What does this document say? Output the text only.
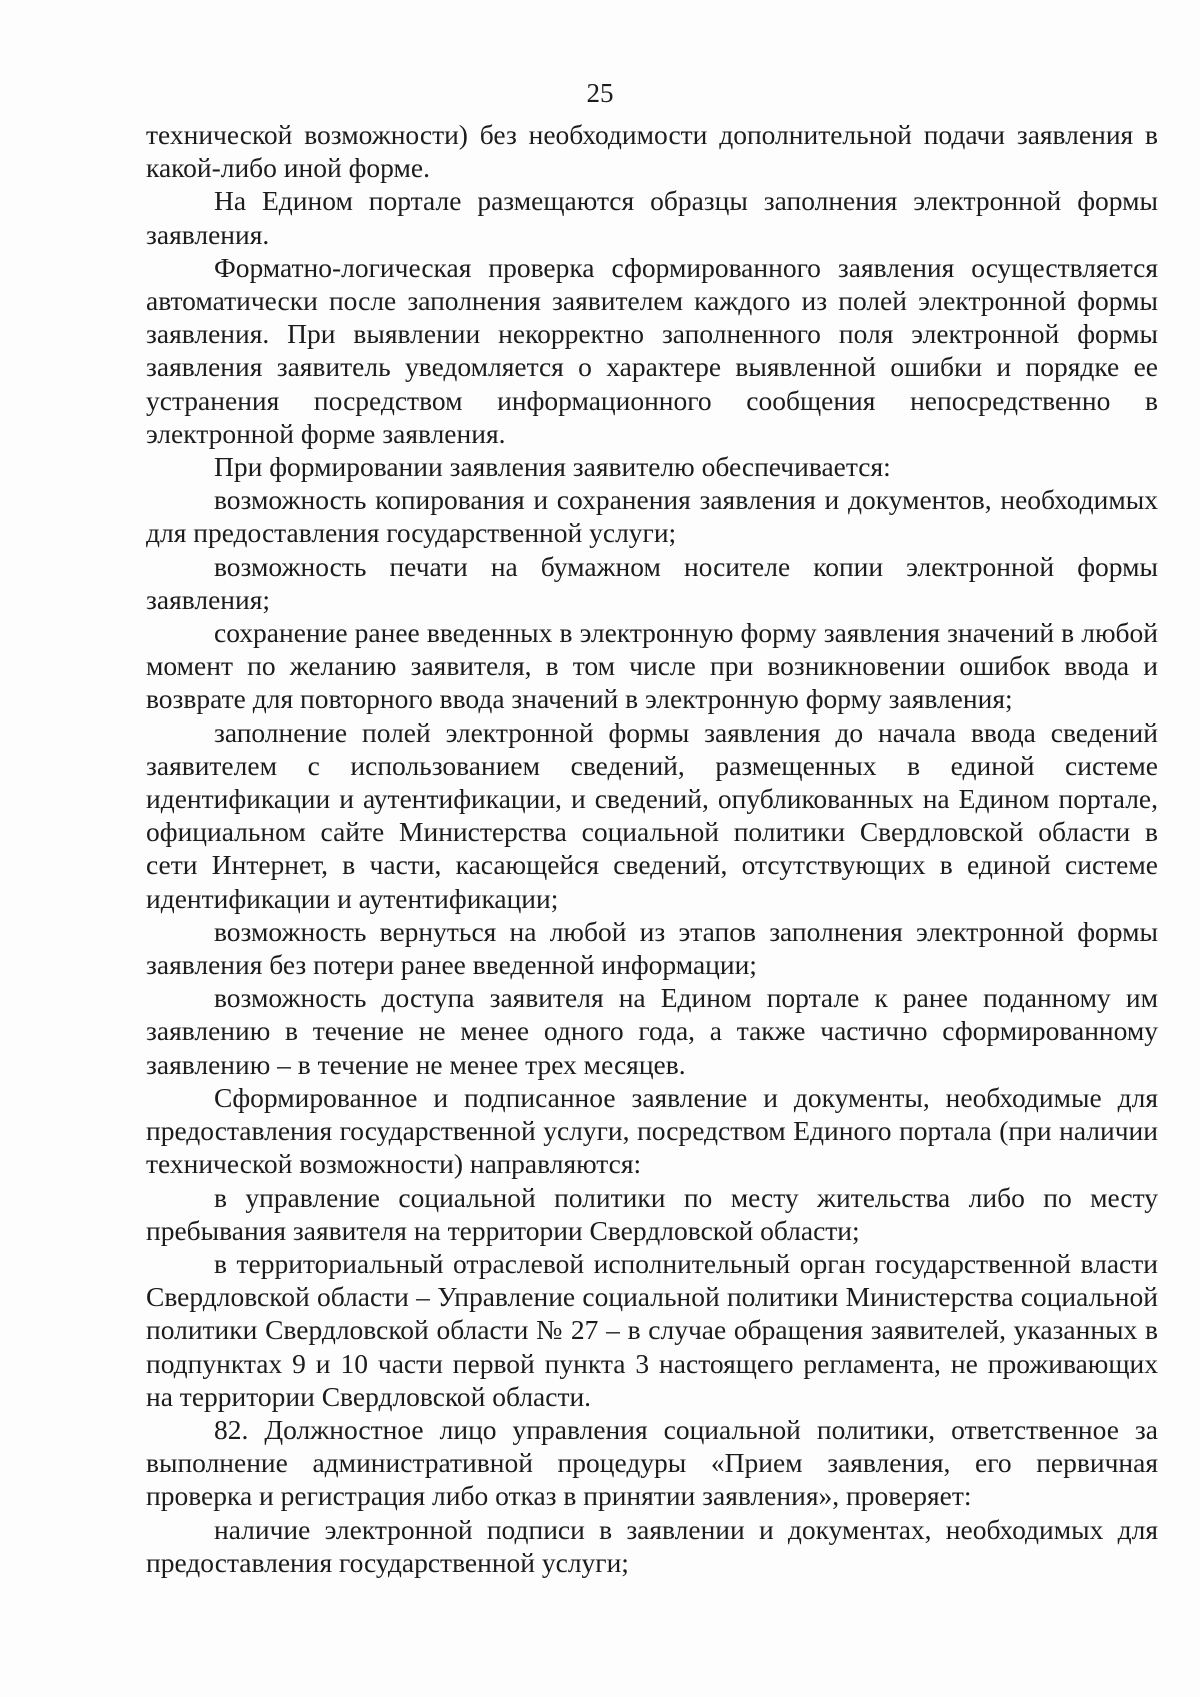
25

технической возможности) без необходимости дополнительной подачи заявления в какой-либо иной форме.

На Едином портале размещаются образцы заполнения электронной формы заявления.

Форматно-логическая проверка сформированного заявления осуществляется автоматически после заполнения заявителем каждого из полей электронной формы заявления. При выявлении некорректно заполненного поля электронной формы заявления заявитель уведомляется о характере выявленной ошибки и порядке ее устранения посредством информационного сообщения непосредственно в электронной форме заявления.

При формировании заявления заявителю обеспечивается:

возможность копирования и сохранения заявления и документов, необходимых для предоставления государственной услуги;

возможность печати на бумажном носителе копии электронной формы заявления;

сохранение ранее введенных в электронную форму заявления значений в любой момент по желанию заявителя, в том числе при возникновении ошибок ввода и возврате для повторного ввода значений в электронную форму заявления;

заполнение полей электронной формы заявления до начала ввода сведений заявителем с использованием сведений, размещенных в единой системе идентификации и аутентификации, и сведений, опубликованных на Едином портале, официальном сайте Министерства социальной политики Свердловской области в сети Интернет, в части, касающейся сведений, отсутствующих в единой системе идентификации и аутентификации;

возможность вернуться на любой из этапов заполнения электронной формы заявления без потери ранее введенной информации;

возможность доступа заявителя на Едином портале к ранее поданному им заявлению в течение не менее одного года, а также частично сформированному заявлению – в течение не менее трех месяцев.

Сформированное и подписанное заявление и документы, необходимые для предоставления государственной услуги, посредством Единого портала (при наличии технической возможности) направляются:

в управление социальной политики по месту жительства либо по месту пребывания заявителя на территории Свердловской области;

в территориальный отраслевой исполнительный орган государственной власти Свердловской области – Управление социальной политики Министерства социальной политики Свердловской области № 27 – в случае обращения заявителей, указанных в подпунктах 9 и 10 части первой пункта 3 настоящего регламента, не проживающих на территории Свердловской области.

82. Должностное лицо управления социальной политики, ответственное за выполнение административной процедуры «Прием заявления, его первичная проверка и регистрация либо отказ в принятии заявления», проверяет:

наличие электронной подписи в заявлении и документах, необходимых для предоставления государственной услуги;
